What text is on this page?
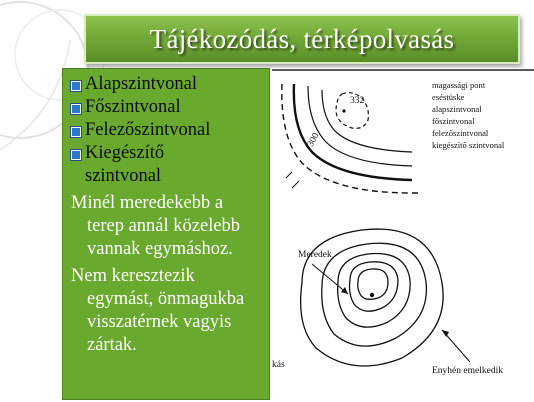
Tájékozódás, térképolvasás
Alapszintvonal
Főszintvonal
Felezőszintvonal
Kiegészítő szintvonal
Minél meredekebb a terep annál közelebb vannak egymáshoz.
Nem keresztezik egymást, önmagukba visszatérnek vagyis zártak.
332
300
Meredek
Enyhén emelkedik
kás
magassági pont
eséstüske
alapszintvonal
főszintvonal
felezőszintvonal
kiegészítő szintvonal
